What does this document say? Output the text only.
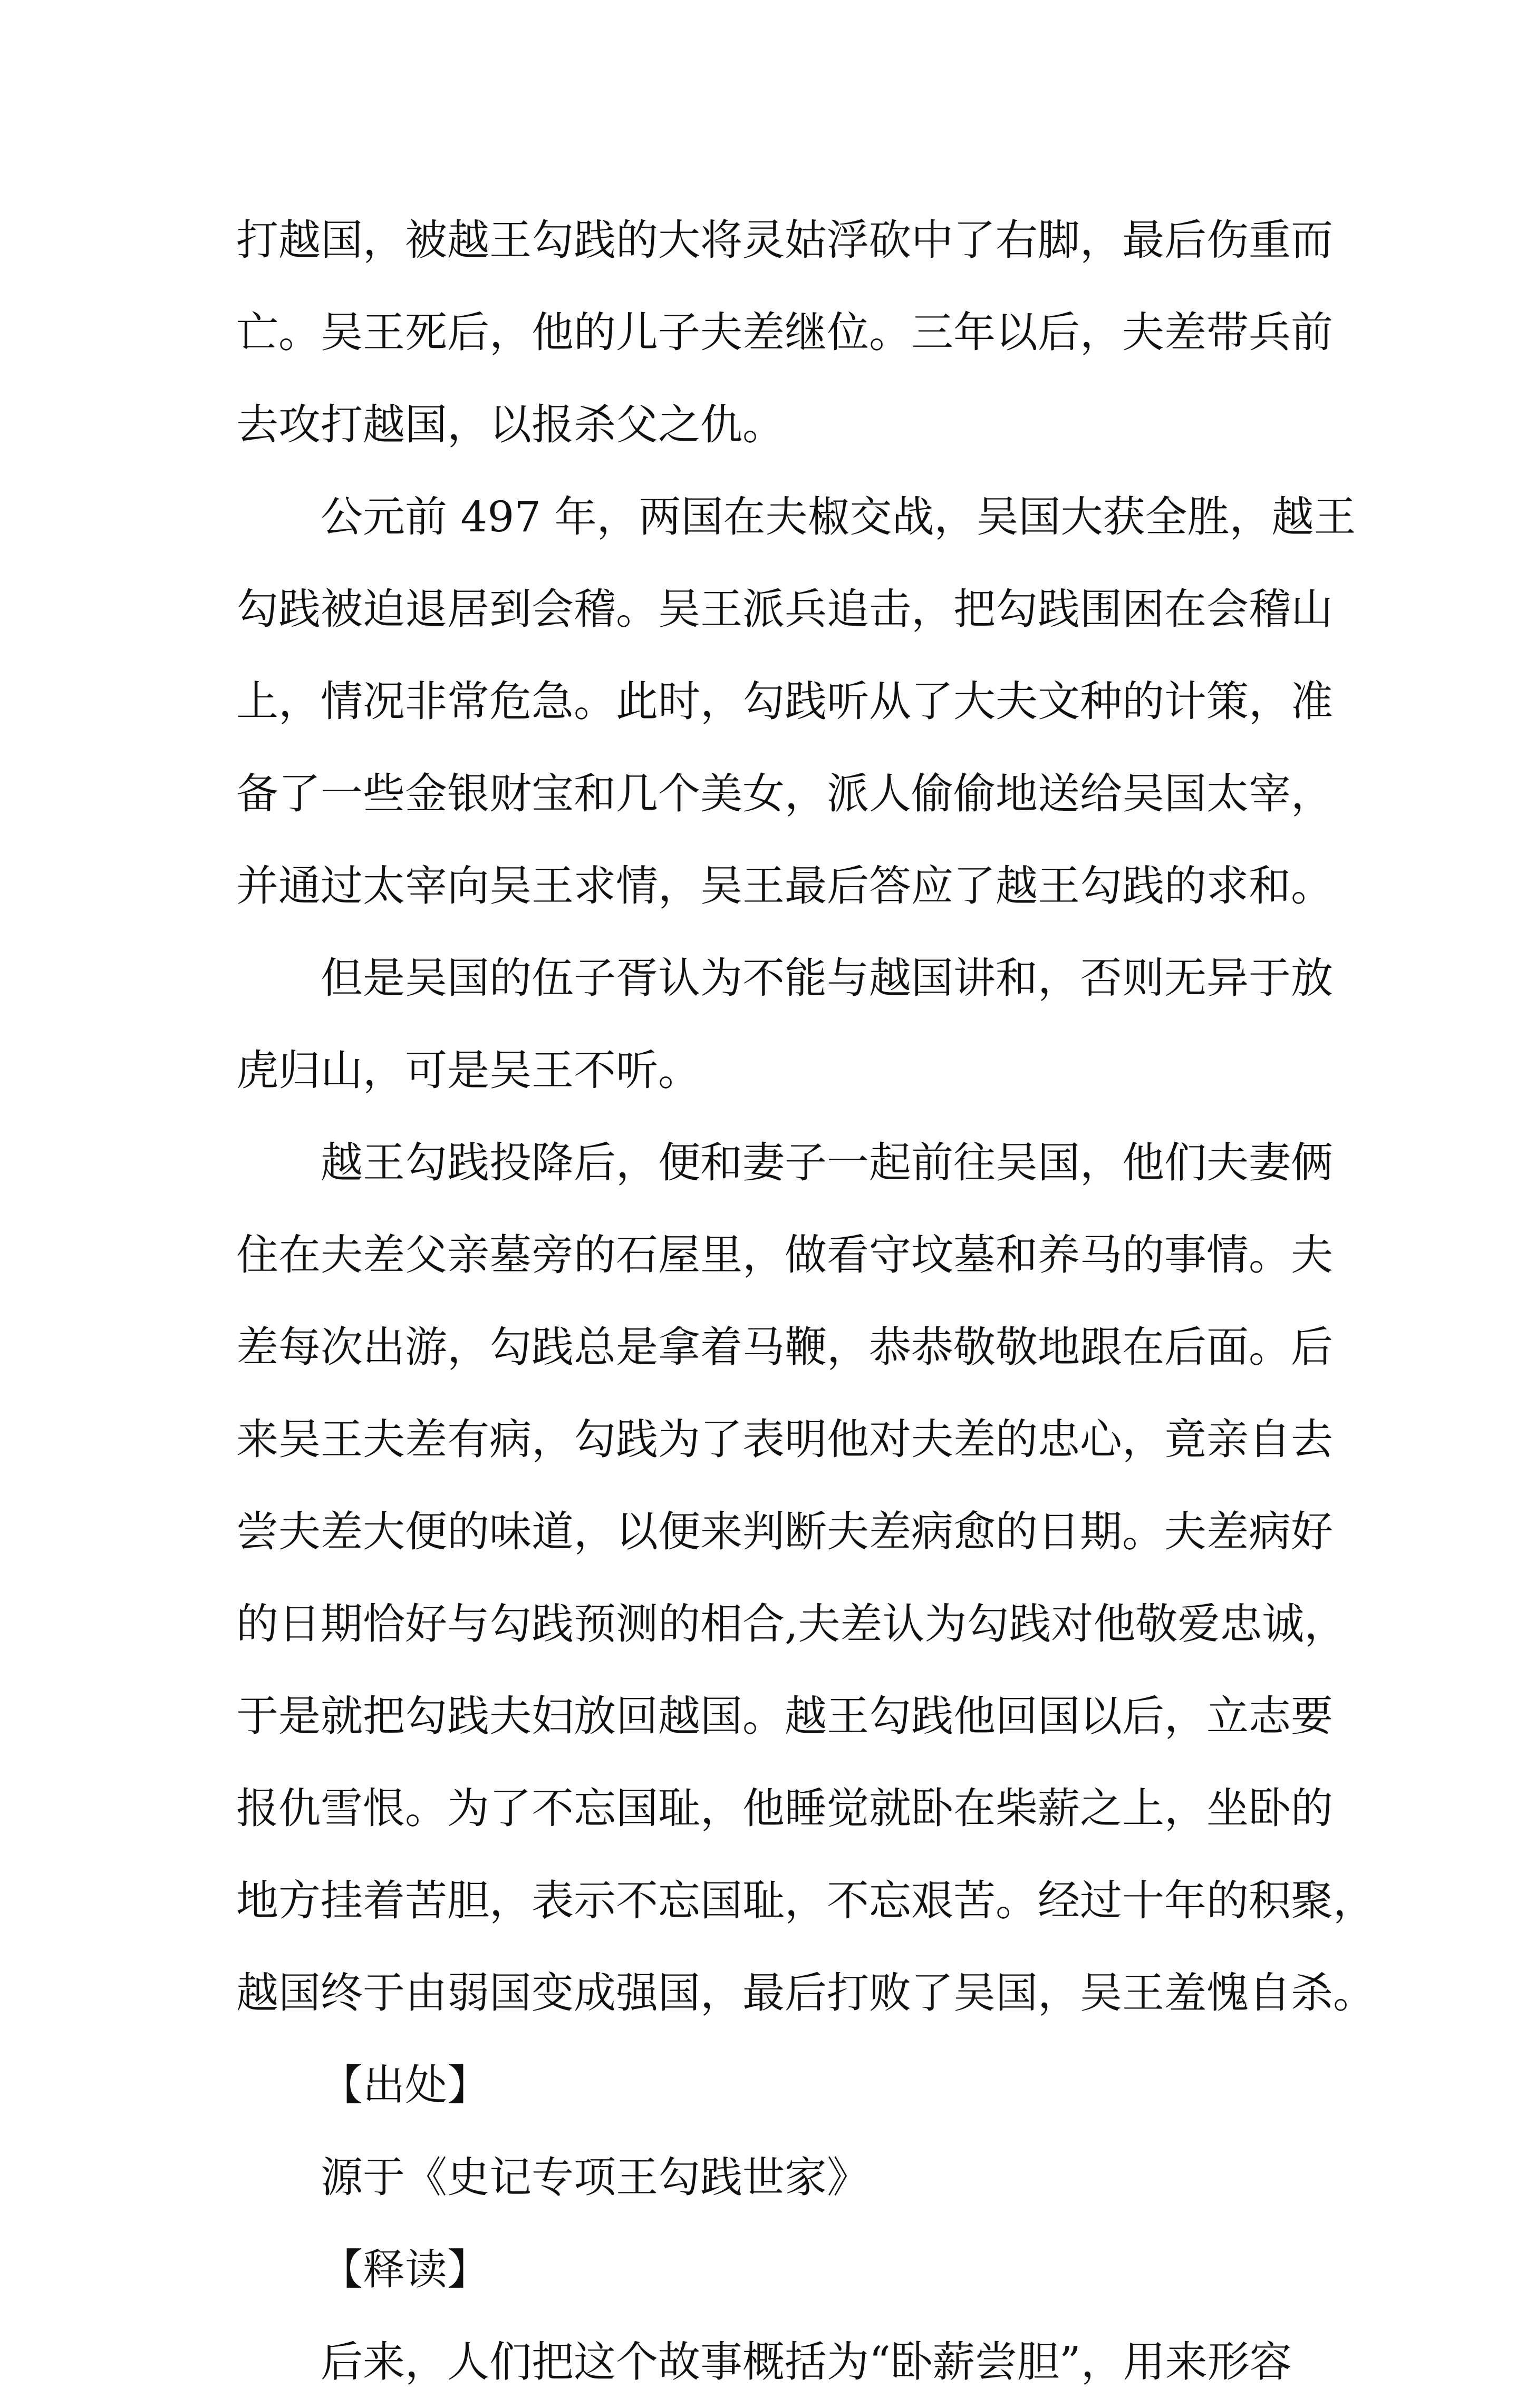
打越国，被越王勾践的大将灵姑浮砍中了右脚，最后伤重而
亡。吴王死后，他的儿子夫差继位。三年以后，夫差带兵前
去攻打越国，以报杀父之仇。
公元前 497 年，两国在夫椒交战，吴国大获全胜，越王
勾践被迫退居到会稽。吴王派兵追击，把勾践围困在会稽山
上，情况非常危急。此时，勾践听从了大夫文种的计策，准
备了一些金银财宝和几个美女，派人偷偷地送给吴国太宰，
并通过太宰向吴王求情，吴王最后答应了越王勾践的求和。
但是吴国的伍子胥认为不能与越国讲和，否则无异于放
虎归山，可是吴王不听。
越王勾践投降后，便和妻子一起前往吴国，他们夫妻俩
住在夫差父亲墓旁的石屋里，做看守坟墓和养马的事情。夫
差每次出游，勾践总是拿着马鞭，恭恭敬敬地跟在后面。后
来吴王夫差有病，勾践为了表明他对夫差的忠心，竟亲自去
尝夫差大便的味道，以便来判断夫差病愈的日期。夫差病好
的日期恰好与勾践预测的相合,夫差认为勾践对他敬爱忠诚，
于是就把勾践夫妇放回越国。越王勾践他回国以后，立志要
报仇雪恨。为了不忘国耻，他睡觉就卧在柴薪之上，坐卧的
地方挂着苦胆，表示不忘国耻，不忘艰苦。经过十年的积聚，
越国终于由弱国变成强国，最后打败了吴国，吴王羞愧自杀。
【出处】
源于《史记专项王勾践世家》
【释读】
后来，人们把这个故事概括为“卧薪尝胆”，用来形容
